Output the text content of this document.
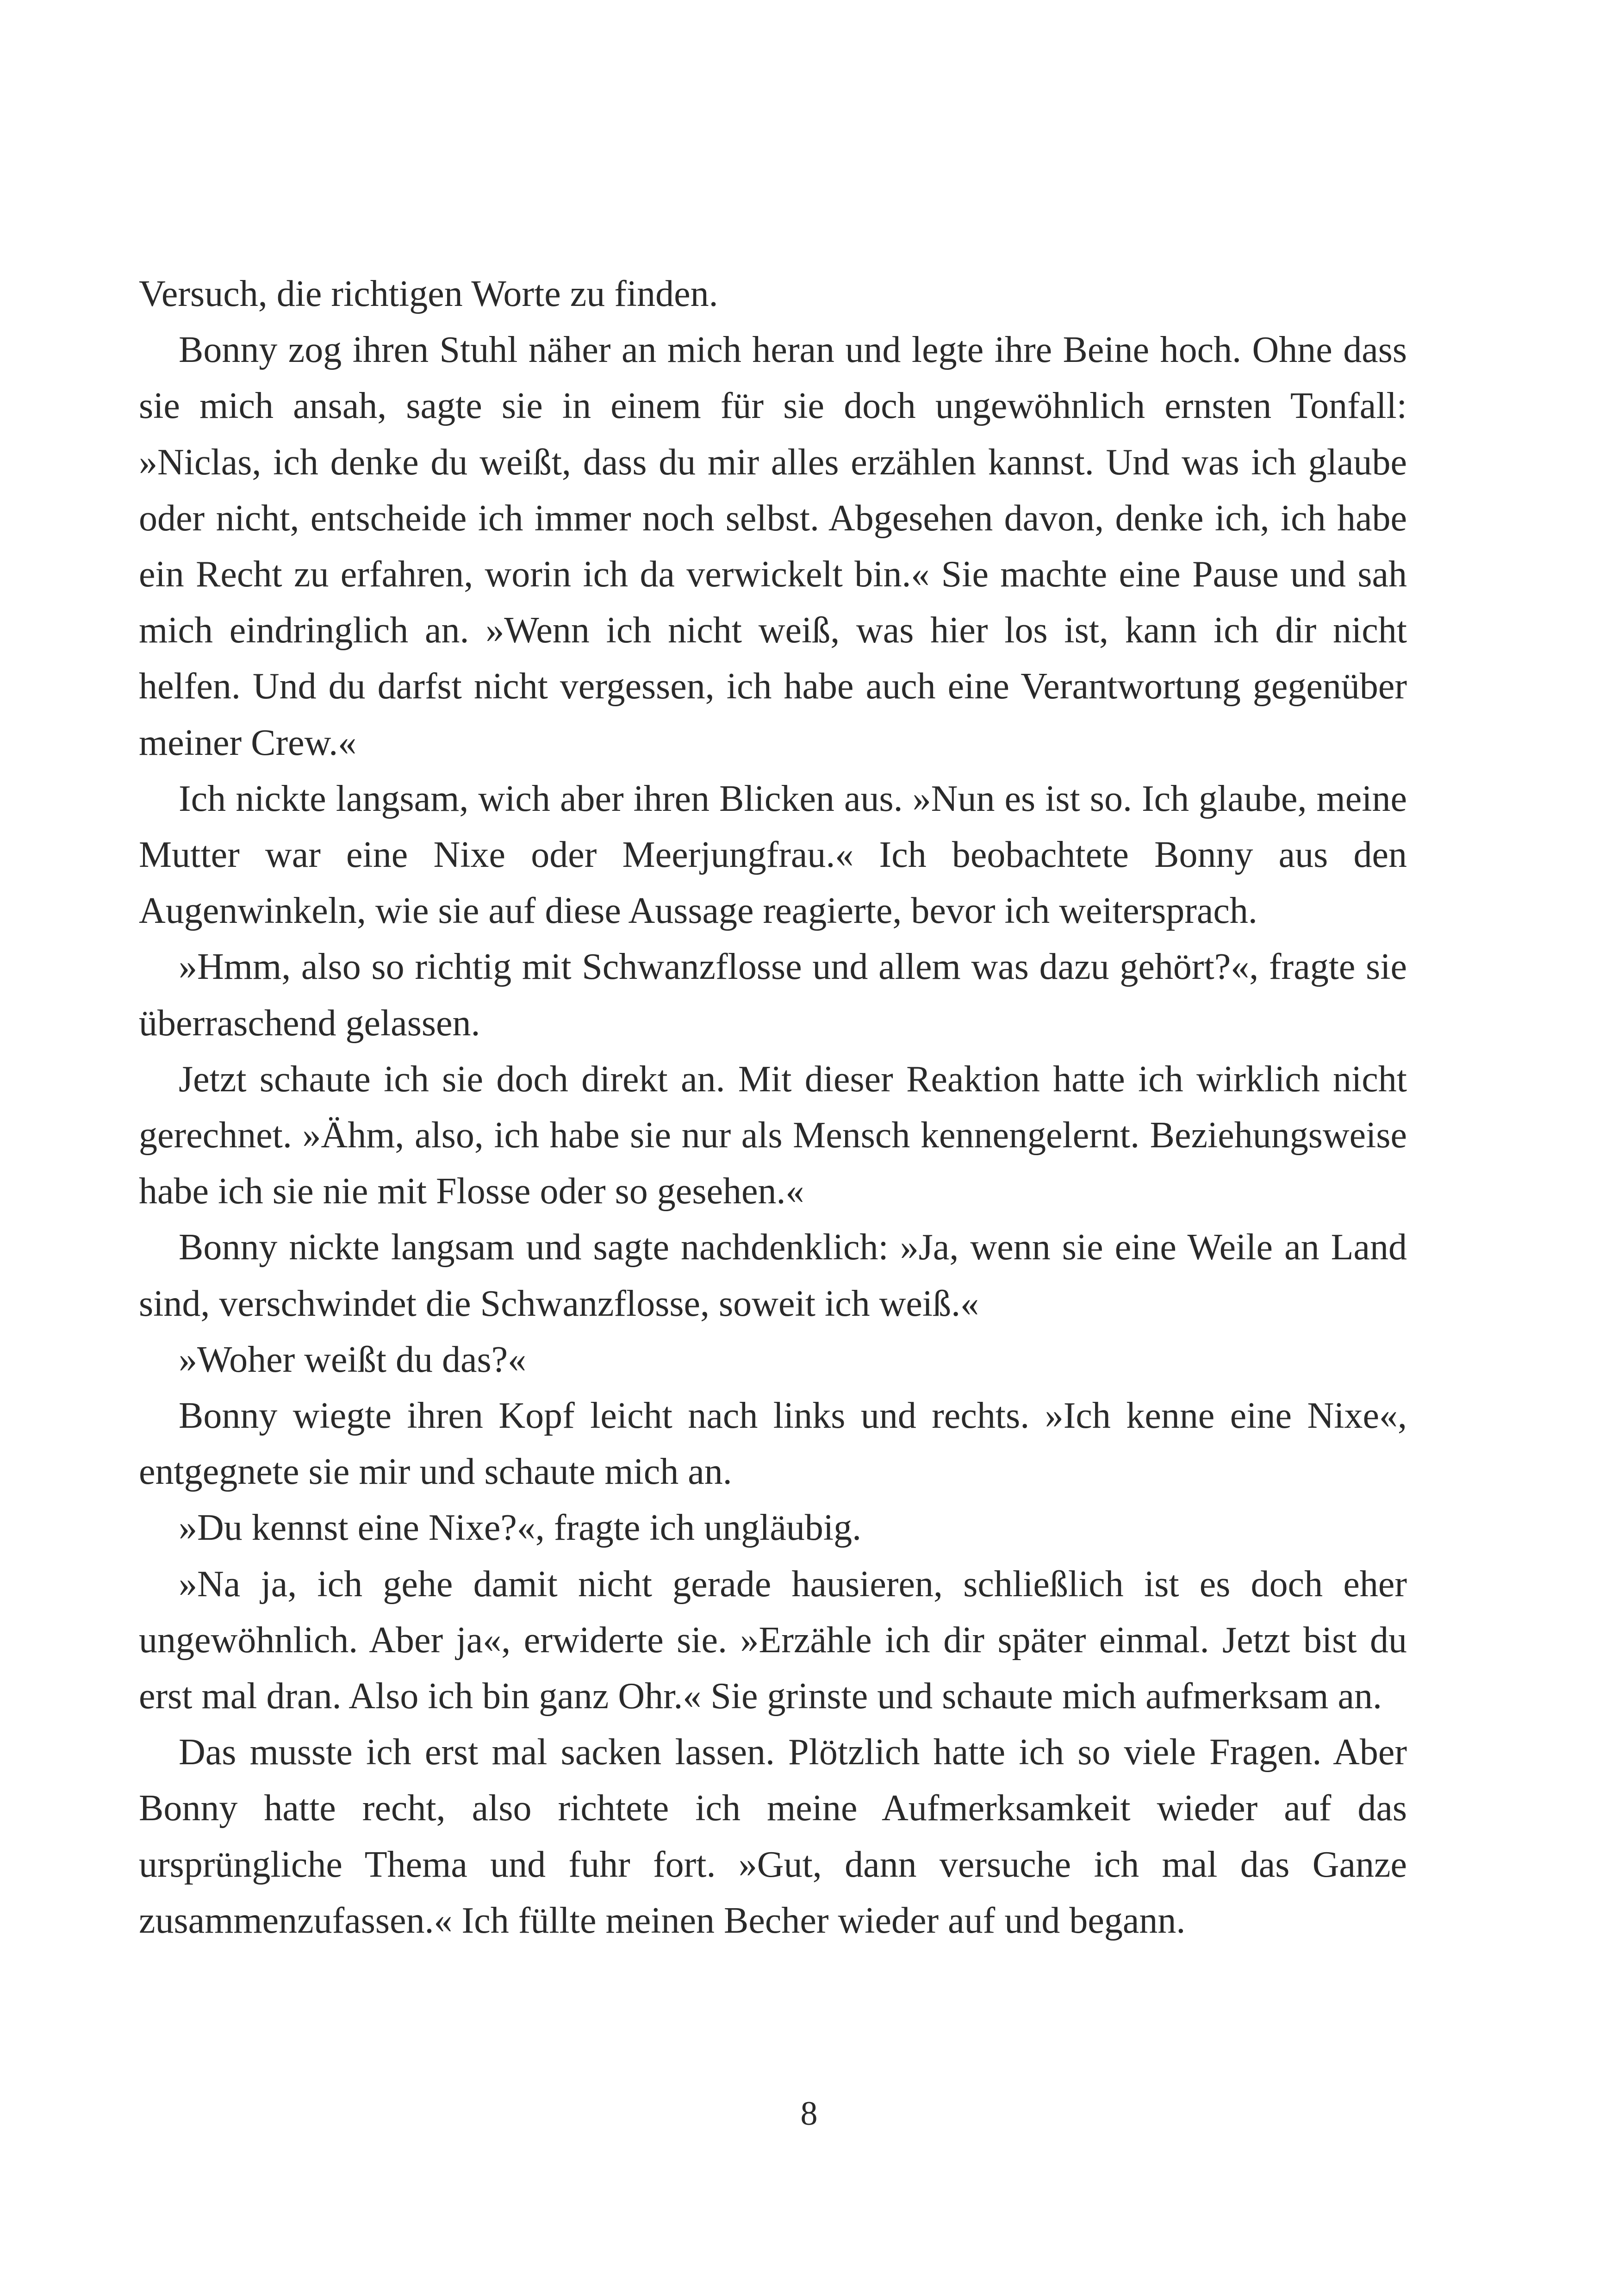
Versuch, die richtigen Worte zu finden.

Bonny zog ihren Stuhl näher an mich heran und legte ihre Beine hoch. Ohne dass sie mich ansah, sagte sie in einem für sie doch ungewöhnlich ernsten Tonfall: »Niclas, ich denke du weißt, dass du mir alles erzählen kannst. Und was ich glaube oder nicht, entscheide ich immer noch selbst. Abgesehen davon, denke ich, ich habe ein Recht zu erfahren, worin ich da verwickelt bin.« Sie machte eine Pause und sah mich eindringlich an. »Wenn ich nicht weiß, was hier los ist, kann ich dir nicht helfen. Und du darfst nicht vergessen, ich habe auch eine Verantwortung gegenüber meiner Crew.«

Ich nickte langsam, wich aber ihren Blicken aus. »Nun es ist so. Ich glaube, meine Mutter war eine Nixe oder Meerjungfrau.« Ich beobachtete Bonny aus den Augenwinkeln, wie sie auf diese Aussage reagierte, bevor ich weitersprach.

»Hmm, also so richtig mit Schwanzflosse und allem was dazu gehört?«, fragte sie überraschend gelassen.

Jetzt schaute ich sie doch direkt an. Mit dieser Reaktion hatte ich wirklich nicht gerechnet. »Ähm, also, ich habe sie nur als Mensch kennengelernt. Beziehungsweise habe ich sie nie mit Flosse oder so gesehen.«

Bonny nickte langsam und sagte nachdenklich: »Ja, wenn sie eine Weile an Land sind, verschwindet die Schwanzflosse, soweit ich weiß.«

»Woher weißt du das?«

Bonny wiegte ihren Kopf leicht nach links und rechts. »Ich kenne eine Nixe«, entgegnete sie mir und schaute mich an.

»Du kennst eine Nixe?«, fragte ich ungläubig.

»Na ja, ich gehe damit nicht gerade hausieren, schließlich ist es doch eher ungewöhnlich. Aber ja«, erwiderte sie. »Erzähle ich dir später einmal. Jetzt bist du erst mal dran. Also ich bin ganz Ohr.« Sie grinste und schaute mich aufmerksam an.

Das musste ich erst mal sacken lassen. Plötzlich hatte ich so viele Fragen. Aber Bonny hatte recht, also richtete ich meine Aufmerksamkeit wieder auf das ursprüngliche Thema und fuhr fort. »Gut, dann versuche ich mal das Ganze zusammenzufassen.« Ich füllte meinen Becher wieder auf und begann.

8
